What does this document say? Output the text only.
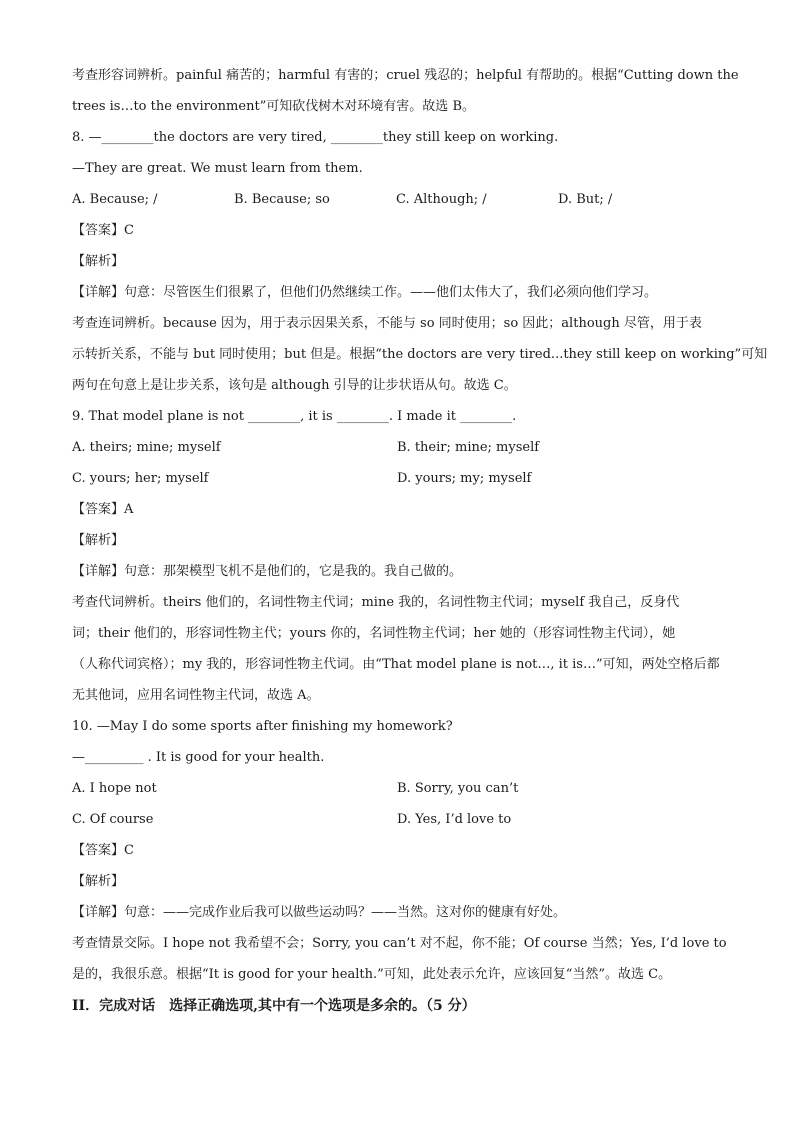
考查形容词辨析。painful 痛苦的；harmful 有害的；cruel 残忍的；helpful 有帮助的。根据“Cutting down the
trees is…to the environment”可知砍伐树木对环境有害。故选 B。
8. —________the doctors are very tired, ________they still keep on working.
—They are great. We must learn from them.
A. Because; /	B. Because; so	C. Although; /	D. But; /
【答案】C
【解析】
【详解】句意：尽管医生们很累了，但他们仍然继续工作。——他们太伟大了，我们必须向他们学习。
考查连词辨析。because 因为，用于表示因果关系，不能与 so 同时使用；so 因此；although 尽管，用于表
示转折关系，不能与 but 同时使用；but 但是。根据“the doctors are very tired...they still keep on working”可知
两句在句意上是让步关系，该句是 although 引导的让步状语从句。故选 C。
9. That model plane is not ________, it is ________. I made it ________.
A. theirs; mine; myself	B. their; mine; myself
C. yours; her; myself	D. yours; my; myself
【答案】A
【解析】
【详解】句意：那架模型飞机不是他们的，它是我的。我自己做的。
考查代词辨析。theirs 他们的，名词性物主代词；mine 我的，名词性物主代词；myself 我自己，反身代
词；their 他们的，形容词性物主代；yours 你的，名词性物主代词；her 她的（形容词性物主代词），她
（人称代词宾格）；my 我的，形容词性物主代词。由“That model plane is not…, it is…”可知，两处空格后都
无其他词，应用名词性物主代词，故选 A。
10. —May I do some sports after finishing my homework?
—_________ . It is good for your health.
A. I hope not	B. Sorry, you can’t
C. Of course	D. Yes, I’d love to
【答案】C
【解析】
【详解】句意：——完成作业后我可以做些运动吗？——当然。这对你的健康有好处。
考查情景交际。I hope not 我希望不会；Sorry, you can’t 对不起，你不能；Of course 当然；Yes, I’d love to
是的，我很乐意。根据“It is good for your health.”可知，此处表示允许，应该回复“当然”。故选 C。
II．完成对话　选择正确选项,其中有一个选项是多余的。（5 分）
